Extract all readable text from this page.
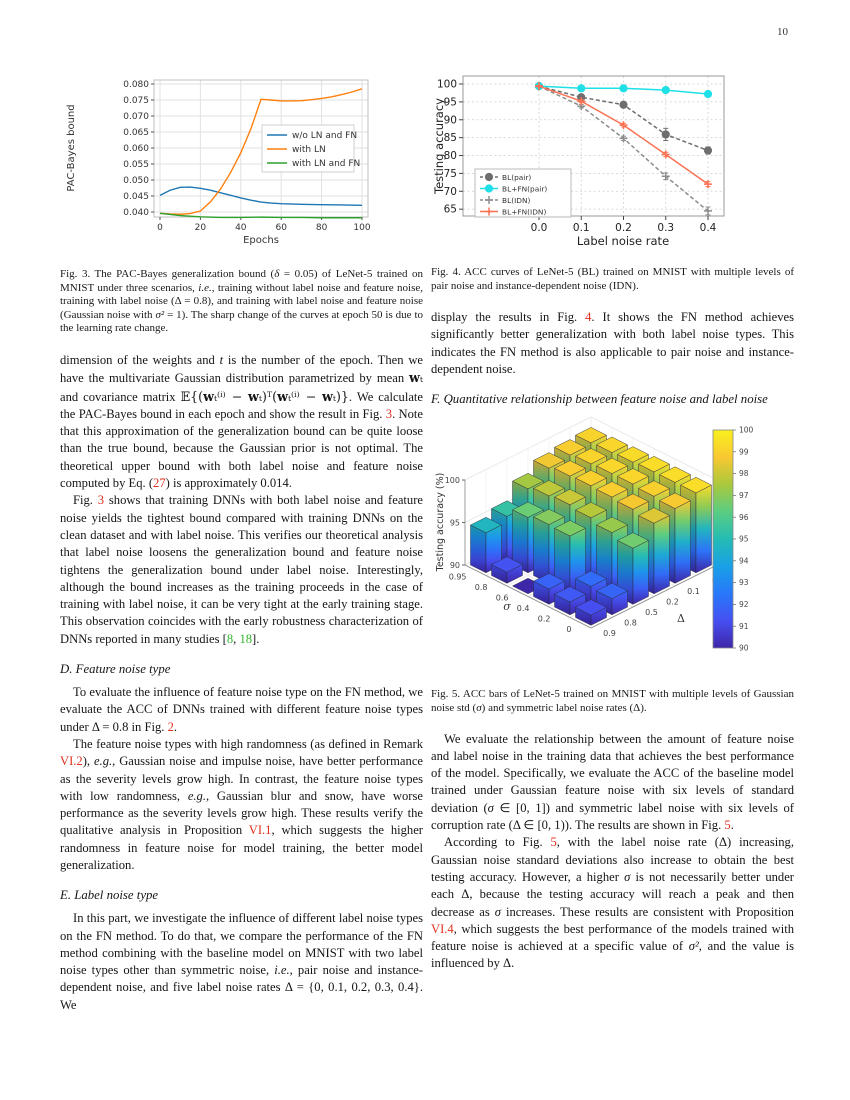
10
0.040
0.045
0.050
0.055
0.060
0.065
0.070
0.075
0.080
0	20	40	60	80	100
Epochs
PAC-Bayes bound	w/o LN and FN
with LN
with LN and FN
Fig. 3. The PAC-Bayes generalization bound (δ = 0.05) of LeNet-5 trained on MNIST under three scenarios, i.e., training without label noise and feature noise, training with label noise (Δ = 0.8), and training with label noise and feature noise (Gaussian noise with σ² = 1). The sharp change of the curves at epoch 50 is due to the learning rate change.

dimension of the weights and t is the number of the epoch. Then we have the multivariate Gaussian distribution parametrized by mean wₜ and covariance matrix 𝔼{(wₜ⁽ⁱ⁾ − wₜ)ᵀ(wₜ⁽ⁱ⁾ − wₜ)}. We calculate the PAC-Bayes bound in each epoch and show the result in Fig. 3. Note that this approximation of the generalization bound can be quite loose than the true bound, because the Gaussian prior is not optimal. The theoretical upper bound with both label noise and feature noise computed by Eq. (27) is approximately 0.014.

Fig. 3 shows that training DNNs with both label noise and feature noise yields the tightest bound compared with training DNNs on the clean dataset and with label noise. This verifies our theoretical analysis that label noise loosens the generalization bound and feature noise tightens the generalization bound under label noise. Interestingly, although the bound increases as the training proceeds in the case of training with label noise, it can be very tight at the early training stage. This observation coincides with the early robustness characterization of DNNs reported in many studies [8, 18].

D. Feature noise type

To evaluate the influence of feature noise type on the FN method, we evaluate the ACC of DNNs trained with different feature noise types under Δ = 0.8 in Fig. 2.

The feature noise types with high randomness (as defined in Remark VI.2), e.g., Gaussian noise and impulse noise, have better performance as the severity levels grow high. In contrast, the feature noise types with low randomness, e.g., Gaussian blur and snow, have worse performance as the severity levels grow high. These results verify the qualitative analysis in Proposition VI.1, which suggests the higher randomness in feature noise for model training, the better model generalization.

E. Label noise type

In this part, we investigate the influence of different label noise types on the FN method. To do that, we compare the performance of the FN method combining with the baseline model on MNIST with two label noise types other than symmetric noise, i.e., pair noise and instance-dependent noise, and five label noise rates Δ = {0, 0.1, 0.2, 0.3, 0.4}. We

65
70
75
80
85
90
95
100
0.0 0.1 0.2 0.3 0.4
Label noise rate
Testing accuracy	BL(pair)
BL+FN(pair)
BL(IDN)
BL+FN(IDN)
Fig. 4. ACC curves of LeNet-5 (BL) trained on MNIST with multiple levels of pair noise and instance-dependent noise (IDN).

display the results in Fig. 4. It shows the FN method achieves significantly better generalization with both label noise types. This indicates the FN method is also applicable to pair noise and instance-dependent noise.

F. Quantitative relationship between feature noise and label noise
90
95
100
0
0.2
0.4
0.6
0.8
0.95
0.1
0.2
0.5
0.8
0.9
σ
Δ
Testing accuracy (%)
90
91
92
93
94
95
96
97
98
99
100
Fig. 5. ACC bars of LeNet-5 trained on MNIST with multiple levels of Gaussian noise std (σ) and symmetric label noise rates (Δ).

We evaluate the relationship between the amount of feature noise and label noise in the training data that achieves the best performance of the model. Specifically, we evaluate the ACC of the baseline model trained under Gaussian feature noise with six levels of standard deviation (σ ∈ [0, 1]) and symmetric label noise with six levels of corruption rate (Δ ∈ [0, 1)). The results are shown in Fig. 5.

According to Fig. 5, with the label noise rate (Δ) increasing, Gaussian noise standard deviations also increase to obtain the best testing accuracy. However, a higher σ is not necessarily better under each Δ, because the testing accuracy will reach a peak and then decrease as σ increases. These results are consistent with Proposition VI.4, which suggests the best performance of the models trained with feature noise is achieved at a specific value of σ², and the value is influenced by Δ.
